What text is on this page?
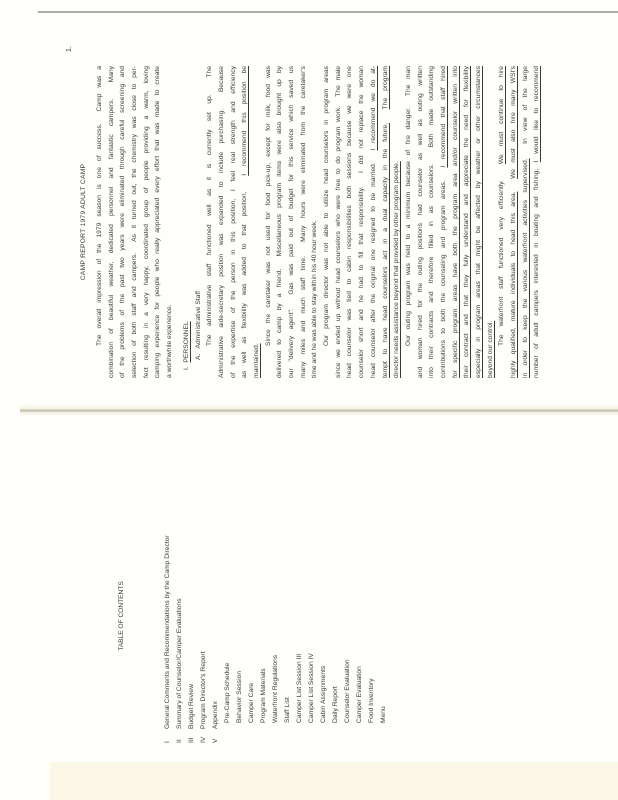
1.
CAMP REPORT 1979 ADULT CAMP The overall impression of the 1979 season is one of success.  Camp was a combination of beautiful weather, dedicated personnel and fantastic campers.  Many of the problems of the past two years were eliminated through careful screening and selection of both staff and campers.  As it turned out, the chemistry was close to per- fect resulting in a very happy, coordinated group of people providing a warm, loving camping experience for people who really appreciated every effort that was made to create a worthwhile experience.	I.  PERSONNEL A.   Administrative Staff The administrative staff functioned well as it is currently set up.  The Administrative aide-secretary position was expanded to include purchasing.  Because of the expertise of the person in this position, I feel real strength and efficiency as well as flexibility was added to that position.  I recommend this position be
maintained.
Since the caretaker was not used for food pick-up, except for milk, food was delivered to camp by a friend.  Miscellaneous program items were also brought up by our "delivery agent".  Gas was paid out of budget for this service which saved us many miles and much staff time.  Many hours were eliminated from the caretaker's time and he was able to stay within his 40 hour week. Our program director was not able to utilize head counselors in program areas since we ended up without head counselors who were free to do program work.  The male head counselor was tied to cabin responsibilities both sessions because we were one counselor short and he had to fill that responsibility.  I did not replace the woman head counselor after the original one resigned to be married.  I recommend we do at-
tempt to have head counselors act in a dual capacity in the future.  The program
director needs assistance beyond that provided by other program people. Our outing program was held to a minimum because of fire danger.  The man and woman hired for the outing positions had counselor as well as outing written into their contracts and therefore filled in as counselors.  Both made outstanding contributions to both the counseling and program areas.  I recommend that staff hired for specific program areas have both the program area and/or counselor written into their contract and that they fully understand and appreciate the need for flexibility especially in program areas that might be affected by weather or other circumstances beyond our control.
The waterfront staff functioned very efficiently.  We must continue to hire
highly qualified, mature individuals to head this area.  We must also hire many WSI's
in order to keep the various waterfront activities supervised.  In view of the large
number of adult campers interested in boating and fishing, I would like to recommend
TABLE OF CONTENTS
I
General Comments and Recommendations by the Camp Director
II
Summary of Counselor/Camper Evaluations
III
Budget Review
IV
Program Director's Report
V
Appendix Pre-Camp Schedule Behavior Session Camper Care Program Materials Waterfront Regulations Staff List Camper List Session III Camper List Session IV Cabin Assignments Daily Report Counselor Evaluation Camper Evaluation Food Inventory Menu
